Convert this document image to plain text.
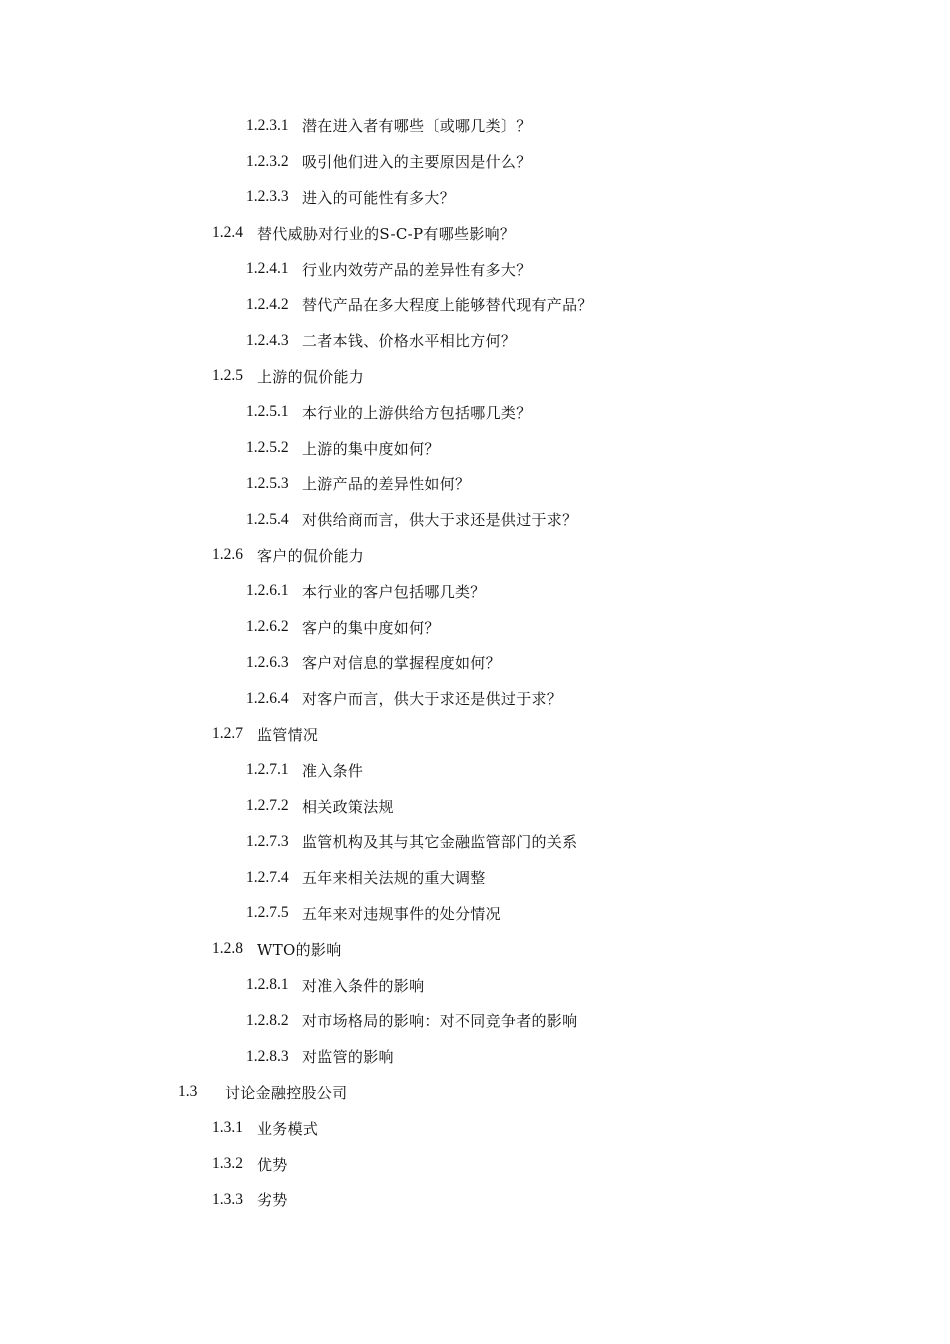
1.2.3.1 潜在进入者有哪些〔或哪几类〕？
1.2.3.2 吸引他们进入的主要原因是什么？
1.2.3.3 进入的可能性有多大？
1.2.4 替代威胁对行业的S-C-P有哪些影响？
1.2.4.1 行业内效劳产品的差异性有多大？
1.2.4.2 替代产品在多大程度上能够替代现有产品？
1.2.4.3 二者本钱、价格水平相比方何？
1.2.5 上游的侃价能力
1.2.5.1 本行业的上游供给方包括哪几类？
1.2.5.2 上游的集中度如何？
1.2.5.3 上游产品的差异性如何？
1.2.5.4 对供给商而言，供大于求还是供过于求？
1.2.6 客户的侃价能力
1.2.6.1 本行业的客户包括哪几类？
1.2.6.2 客户的集中度如何？
1.2.6.3 客户对信息的掌握程度如何？
1.2.6.4 对客户而言，供大于求还是供过于求？
1.2.7 监管情况
1.2.7.1 准入条件
1.2.7.2 相关政策法规
1.2.7.3 监管机构及其与其它金融监管部门的关系
1.2.7.4 五年来相关法规的重大调整
1.2.7.5 五年来对违规事件的处分情况
1.2.8 WTO的影响
1.2.8.1 对准入条件的影响
1.2.8.2 对市场格局的影响：对不同竞争者的影响
1.2.8.3 对监管的影响
1.3	讨论金融控股公司
1.3.1 业务模式
1.3.2 优势
1.3.3 劣势
